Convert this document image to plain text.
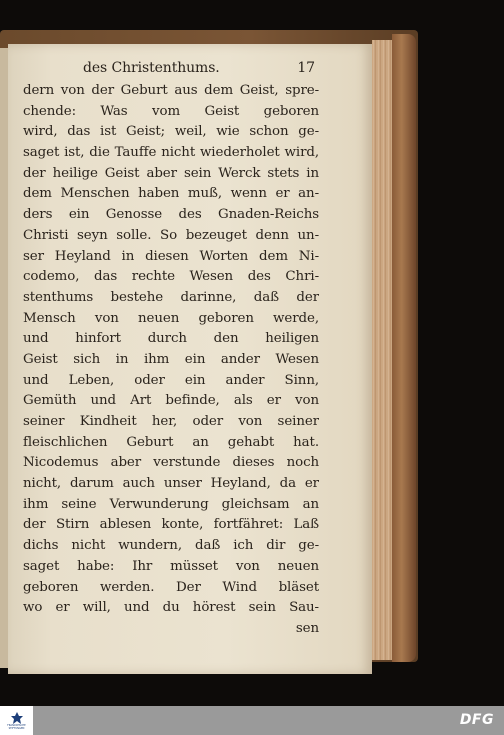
des Christenthums.	17
dern von der Geburt aus dem Geist, spre-
chende: Was vom Geist geboren
wird, das ist Geist; weil, wie schon ge-
saget ist, die Tauffe nicht wiederholet wird,
der heilige Geist aber sein Werck stets in
dem Menschen haben muß, wenn er an-
ders ein Genosse des Gnaden-Reichs
Christi seyn solle. So bezeuget denn un-
ser Heyland in diesen Worten dem Ni-
codemo, das rechte Wesen des Chri-
stenthums bestehe darinne, daß der
Mensch von neuen geboren werde,
und hinfort durch den heiligen
Geist sich in ihm ein ander Wesen
und Leben, oder ein ander Sinn,
Gemüth und Art befinde, als er von
seiner Kindheit her, oder von seiner
fleischlichen Geburt an gehabt hat.
Nicodemus aber verstunde dieses noch
nicht, darum auch unser Heyland, da er
ihm seine Verwunderung gleichsam an
der Stirn ablesen konte, fortfähret: Laß
dichs nicht wundern, daß ich dir ge-
saget habe: Ihr müsset von neuen
geboren werden. Der Wind bläset
wo er will, und du hörest sein Sau-
sen
FRANCKESCHE STIFTUNGEN	DFG
